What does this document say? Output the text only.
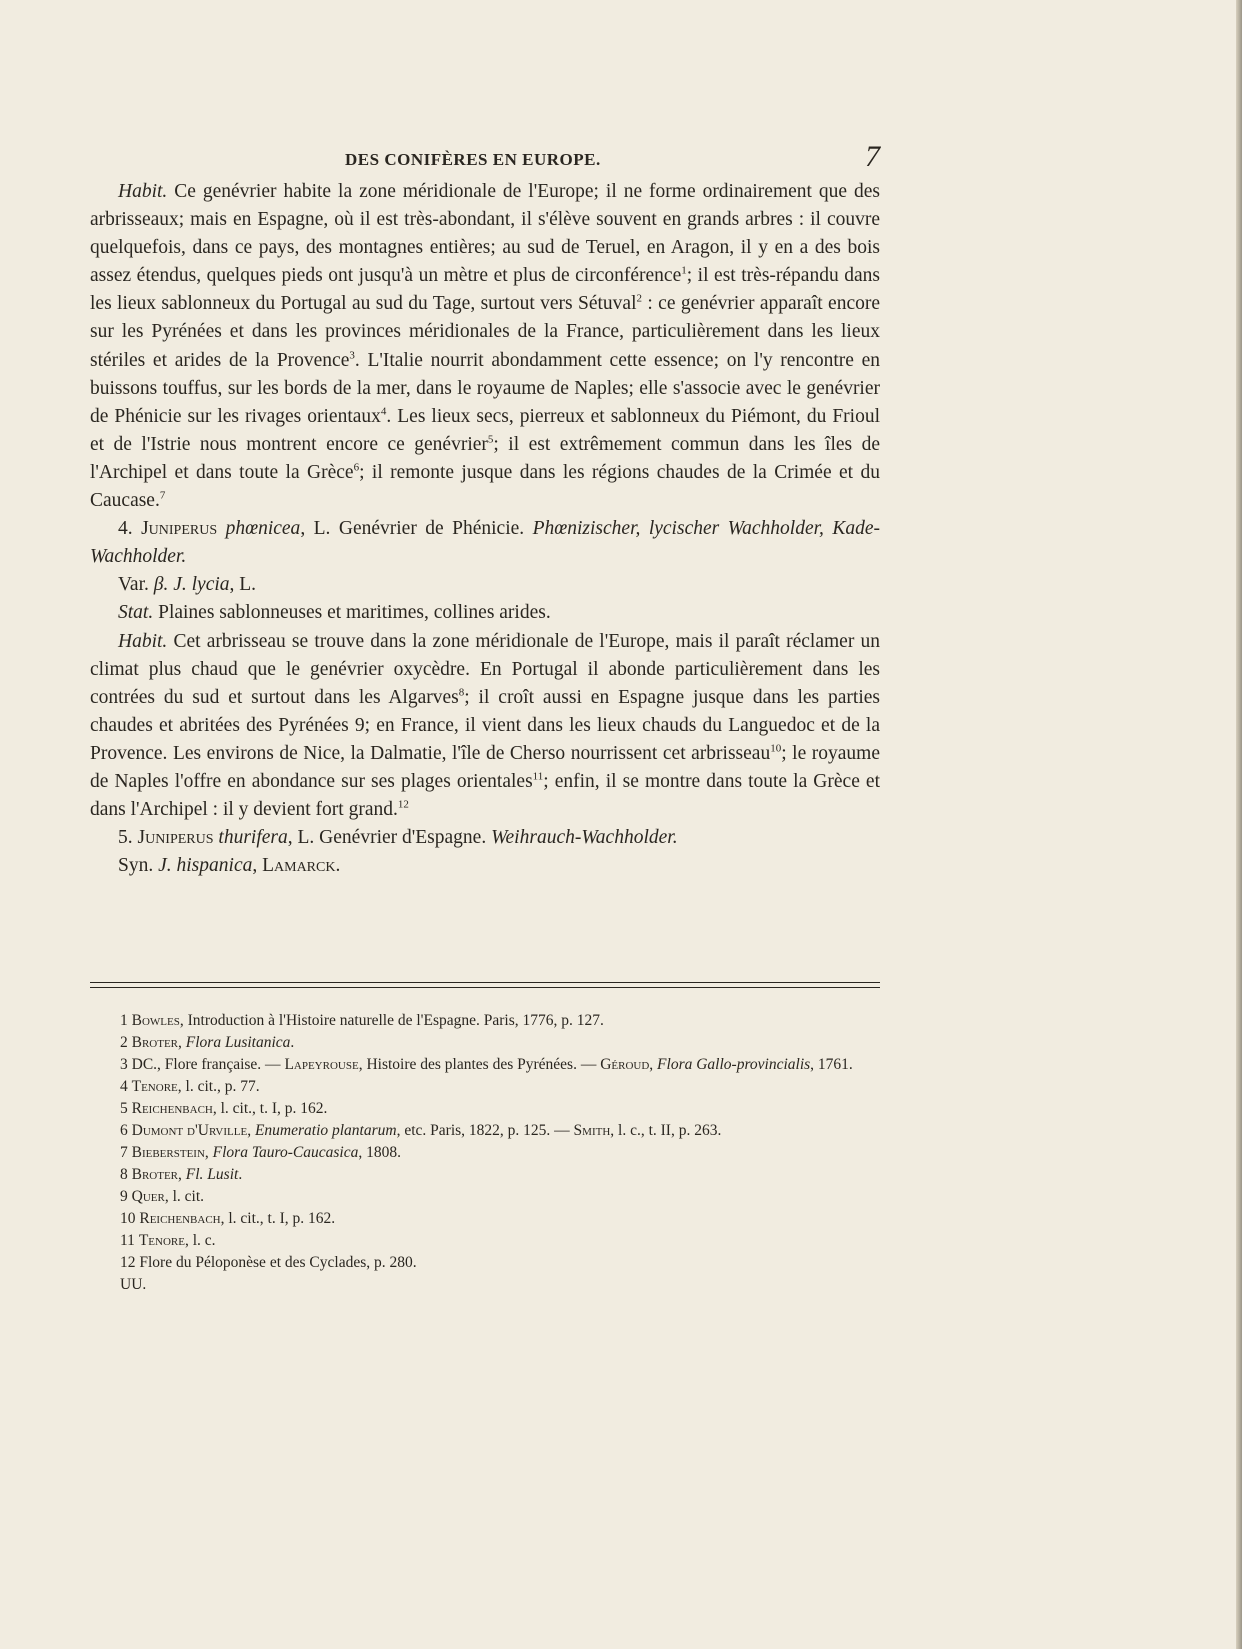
DES CONIFÈRES EN EUROPE.	7

Habit. Ce genévrier habite la zone méridionale de l'Europe; il ne forme ordinairement que des arbrisseaux; mais en Espagne, où il est très-abondant, il s'élève souvent en grands arbres : il couvre quelquefois, dans ce pays, des montagnes entières; au sud de Teruel, en Aragon, il y en a des bois assez étendus, quelques pieds ont jusqu'à un mètre et plus de circonférence$^1$; il est très-répandu dans les lieux sablonneux du Portugal au sud du Tage, surtout vers Sétuval$^2$ : ce genévrier apparaît encore sur les Pyrénées et dans les provinces méridionales de la France, particulièrement dans les lieux stériles et arides de la Provence$^3$. L'Italie nourrit abondamment cette essence; on l'y rencontre en buissons touffus, sur les bords de la mer, dans le royaume de Naples; elle s'associe avec le genévrier de Phénicie sur les rivages orientaux$^4$. Les lieux secs, pierreux et sablonneux du Piémont, du Frioul et de l'Istrie nous montrent encore ce genévrier$^5$; il est extrêmement commun dans les îles de l'Archipel et dans toute la Grèce$^6$; il remonte jusque dans les régions chaudes de la Crimée et du Caucase.$^7$

4. Juniperus phœnicea, L. Genévrier de Phénicie. Phœnizischer, lycischer Wachholder, Kade-Wachholder.

Var. β. J. lycia, L.

Stat. Plaines sablonneuses et maritimes, collines arides.

Habit. Cet arbrisseau se trouve dans la zone méridionale de l'Europe, mais il paraît réclamer un climat plus chaud que le genévrier oxycèdre. En Portugal il abonde particulièrement dans les contrées du sud et surtout dans les Algarves$^8$; il croît aussi en Espagne jusque dans les parties chaudes et abritées des Pyrénées 9; en France, il vient dans les lieux chauds du Languedoc et de la Provence. Les environs de Nice, la Dalmatie, l'île de Cherso nourrissent cet arbrisseau$^{10}$; le royaume de Naples l'offre en abondance sur ses plages orientales$^{11}$; enfin, il se montre dans toute la Grèce et dans l'Archipel : il y devient fort grand.$^{12}$

5. Juniperus thurifera, L. Genévrier d'Espagne. Weihrauch-Wachholder.

Syn. J. hispanica, Lamarck.

1 Bowles, Introduction à l'Histoire naturelle de l'Espagne. Paris, 1776, p. 127.

2 Broter, Flora Lusitanica.

3 DC., Flore française. — Lapeyrouse, Histoire des plantes des Pyrénées. — Géroud, Flora Gallo-provincialis, 1761.

4 Tenore, l. cit., p. 77.

5 Reichenbach, l. cit., t. I, p. 162.

6 Dumont d'Urville, Enumeratio plantarum, etc. Paris, 1822, p. 125. — Smith, l. c., t. II, p. 263.

7 Bieberstein, Flora Tauro-Caucasica, 1808.

8 Broter, Fl. Lusit.

9 Quer, l. cit.

10 Reichenbach, l. cit., t. I, p. 162.

11 Tenore, l. c.

12 Flore du Péloponèse et des Cyclades, p. 280.

UU.
